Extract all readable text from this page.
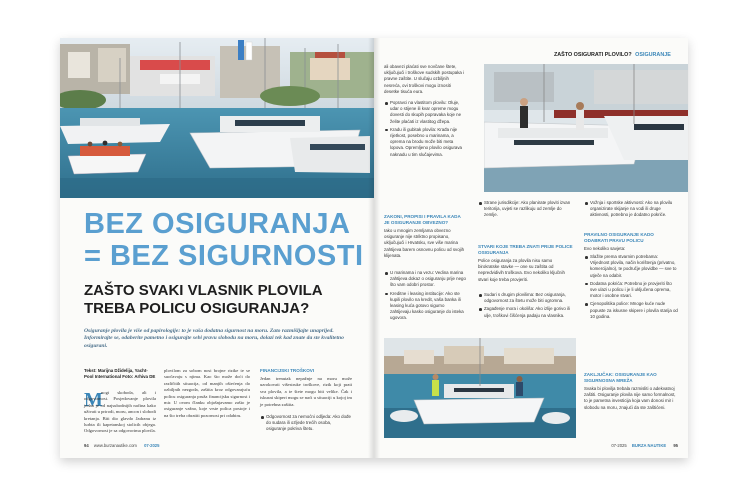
BEZ OSIGURANJA

= BEZ SIGURNOSTI

ZAŠTO SVAKI VLASNIK PLOVILA

TREBA POLICU OSIGURANJA?

Osiguranje plovila je više od papirologije: to je vaša dodatna sigurnost na moru. Zato razmišljajte unaprijed. Informirajte se, odaberite pametno i osigurajte sebi pravu slobodu na moru, dolazi tek kad znate da ste kvalitetno osigurani.

Tekst: Marijna Džidelija, Yacht-Pool International Foto: Arhiva DE

M

nogi skoboda, ali i odgovornost. Posjedovanje plovila jedan je od najsubodnijih načina kako uživati u prirodi, moru, ancon i slobodi kretanja. Biti dio glavdo Jadranu iz lurbta ili kapetanskoj stolicih objega. Odgovornost je sa odgovorima plovila.

plovilom za sobom nosi brojne rizike te se suočavaju s njima. Kao što može doći do različitih situacija, od manjih oštećenja do ozbiljnih nezgoda, zaštita kroz odgovarajuću policu osiguranja pruža financijsku sigurnost i mir. U ovom članku objašnjavamo zašto je osiguranje važno, koje vrste polica postoje i na što treba obratiti pozornost pri odabiru.

FINANCIJSKI TROŠKOVI

Jedan trenutak nepažnje na moru može uzrokovati višestruke troškove, rizik koji prati sva plovila, a te štete mogu biti velike. Čak i iskusni skiperi mogu se naći u situaciji u kojoj im je potrebna zaštita.

Odgovornost za nemoćni odljeda: Ako dođe do sudara ili ozljede trećih osoba, osiguranje pokriva štetu.
94 www.burzanautike.com 07-2025
ZAŠTO OSIGURATI PLOVILO? OSIGURANJE

ali obavezi plaćati sve novčane štete, uključujući i troškove sudskih postupaka i pravne zaštite. U slučaju ozbiljnih nesreća, ovi troškovi mogu iznositi desetke tisuća eura.

Popravci na vlastitom plovilu: Oluje, udar o stijene ili kvar opreme mogu dovesti do skupih popravaka koje ne želite plaćati iz vlastitog džepa.
Kradu ili gubitak plovila: Krađa nije rijetkost, posebno u marinama, a oprema na brodu može biti meta lopova. Opremljeno plovilo osigurava naknadu u tim slučajevima.

ZAKONI, PROPISI I PRAVILA KADA JE OSIGURANJE OBVEZNO?

Iako u mnogim zemljama obvezno osiguranje nije striktno propisano, uključujući i Hrvatsku, sve više marina zahtijeva barem osnovnu policu od svojih klijenata.

U marinama i na vezu: Vedina marina zahtijeva dokaz o osiguranju prije nego što vam odobri prostor.
Kreditne i leasing institucije: Ako ste kupili plovilo na kredit, vaša banka ili leasing kuća gotovo sigurno zahtijevaju kasko osiguranje do isteka ugovora.
Strane jurisdikcije: Ako planirate ploviti izvan teritorija, uvjeti se razlikuju od zemlje do zemlje.

STVARI KOJE TREBA ZNATI PRIJE POLICE OSIGURANJA

Police osiguranja za plovila nisu samo birokratske stavke — one su zaštita od nepredvidivih troškova. Evo nekoliko ključnih stvari koje treba provjeriti.

Sudari s drugim plovilima: Bez osiguranja, odgovornost za štetu može biti ogromna.
Zagađenje mora i okoliša: Ako izlije gorivo ili ulje, troškovi čišćenja padaju na vlasnika.
Vožnja i sportske aktivnosti: Ako na plovilu organizirate skijanje na vodi ili druge aktivnosti, potrebno je dodatno pokriće.

PRAVILNO OSIGURANJE KADO ODABRATI PRAVU POLICU

Evo nekoliko savjeta:

Slažite prema stvarnim potrebama: Vrijednost plovila, način korištenja (privatno, komercijalno), te područje plovidbe — sve to utječe na odabir.
Dodatna pokrića: Potrebno je provjeriti što sve ulazi u policu i je li uključena oprema, motor i osobne stvari.
Cjenopolitika police: Mnoge kuće nude popuste za iskusne skipere i plovila starija od 10 godina.

ZAKLJUČAK: OSIGURANJE KAO SIGURNOSNA MREŽA

Svaka bi plovilja trebala razmisliti o adekvatnoj zaštiti. Osiguranje plovila nije samo formalnost, to je pametna investicija koja vam donosi mir i slobodu na moru, znajući da ste zaštićeni.

07-2025 BURZA NAUTIKE 95
